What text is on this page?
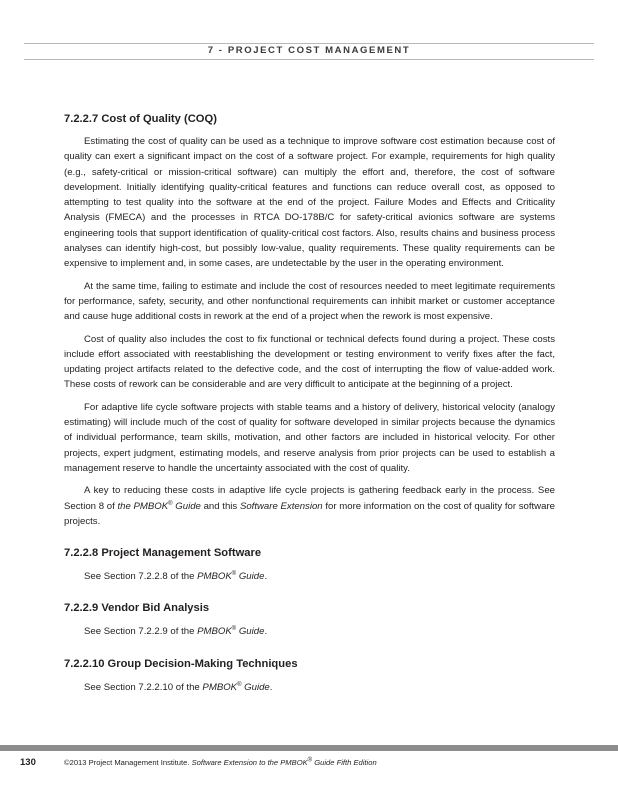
7 - PROJECT COST MANAGEMENT
7.2.2.7 Cost of Quality (COQ)

Estimating the cost of quality can be used as a technique to improve software cost estimation because cost of quality can exert a significant impact on the cost of a software project. For example, requirements for high quality (e.g., safety-critical or mission-critical software) can multiply the effort and, therefore, the cost of software development. Initially identifying quality-critical features and functions can reduce overall cost, as opposed to attempting to test quality into the software at the end of the project. Failure Modes and Effects and Criticality Analysis (FMECA) and the processes in RTCA DO-178B/C for safety-critical avionics software are systems engineering tools that support identification of quality-critical cost factors. Also, results chains and business process analyses can identify high-cost, but possibly low-value, quality requirements. These quality requirements can be expensive to implement and, in some cases, are undetectable by the user in the operating environment.

At the same time, failing to estimate and include the cost of resources needed to meet legitimate requirements for performance, safety, security, and other nonfunctional requirements can inhibit market or customer acceptance and cause huge additional costs in rework at the end of a project when the rework is most expensive.

Cost of quality also includes the cost to fix functional or technical defects found during a project. These costs include effort associated with reestablishing the development or testing environment to verify fixes after the fact, updating project artifacts related to the defective code, and the cost of interrupting the flow of value-added work. These costs of rework can be considerable and are very difficult to anticipate at the beginning of a project.

For adaptive life cycle software projects with stable teams and a history of delivery, historical velocity (analogy estimating) will include much of the cost of quality for software developed in similar projects because the dynamics of individual performance, team skills, motivation, and other factors are included in historical velocity. For other projects, expert judgment, estimating models, and reserve analysis from prior projects can be used to establish a management reserve to handle the uncertainty associated with the cost of quality.

A key to reducing these costs in adaptive life cycle projects is gathering feedback early in the process. See Section 8 of the PMBOK® Guide and this Software Extension for more information on the cost of quality for software projects.

7.2.2.8 Project Management Software

See Section 7.2.2.8 of the PMBOK® Guide.

7.2.2.9 Vendor Bid Analysis

See Section 7.2.2.9 of the PMBOK® Guide.

7.2.2.10 Group Decision-Making Techniques

See Section 7.2.2.10 of the PMBOK® Guide.

130	©2013 Project Management Institute. Software Extension to the PMBOK® Guide Fifth Edition
